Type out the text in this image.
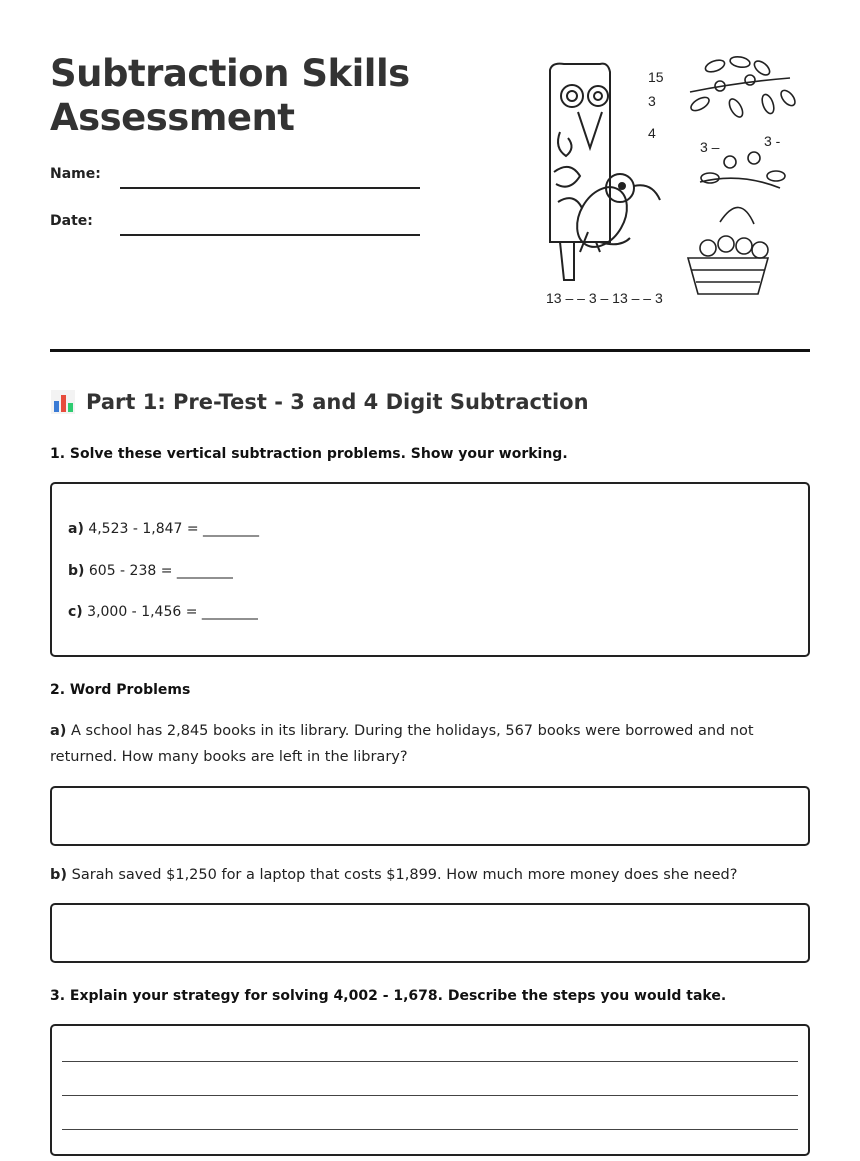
Subtraction Skills Assessment
Name:
Date:
15
3
4
3 –	3 -
13 – – 3 – 13 – – 3
Part 1: Pre-Test - 3 and 4 Digit Subtraction
1. Solve these vertical subtraction problems. Show your working.
a) 4,523 - 1,847 = ________
b) 605 - 238 = ________
c) 3,000 - 1,456 = ________
2. Word Problems
a) A school has 2,845 books in its library. During the holidays, 567 books were borrowed and not returned. How many books are left in the library?
b) Sarah saved $1,250 for a laptop that costs $1,899. How much more money does she need?
3. Explain your strategy for solving 4,002 - 1,678. Describe the steps you would take.
